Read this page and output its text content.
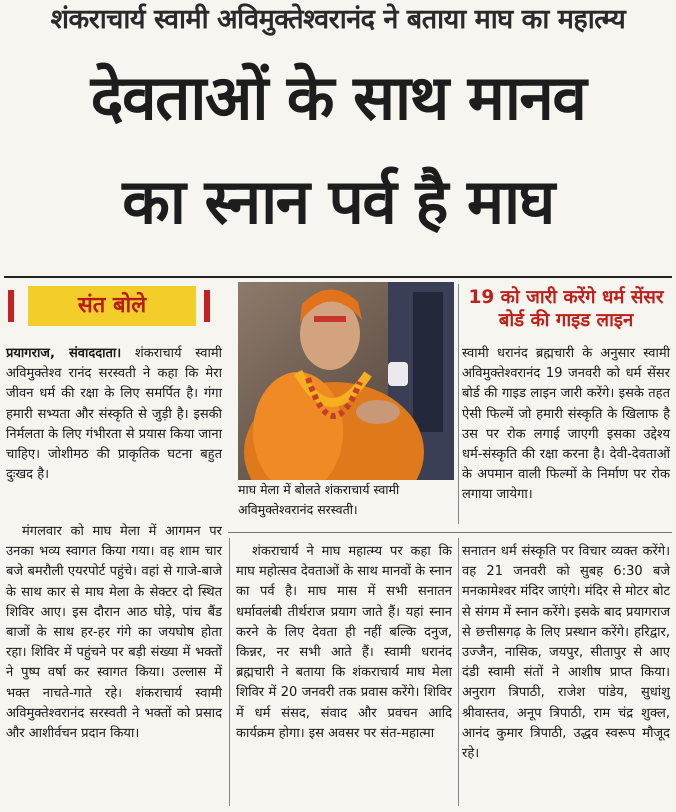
शंकराचार्य स्वामी अविमुक्तेश्वरानंद ने बताया माघ का महात्म्य
देवताओं के साथ मानव
का स्नान पर्व है माघ
संत बोले

प्रयागराज, संवाददाता। शंकराचार्य स्वामी अविमुक्तेश्व रानंद सरस्वती ने कहा कि मेरा जीवन धर्म की रक्षा के लिए समर्पित है। गंगा हमारी सभ्यता और संस्कृति से जुड़ी है। इसकी निर्मलता के लिए गंभीरता से प्रयास किया जाना चाहिए। जोशीमठ की प्राकृतिक घटना बहुत दुःखद है।

माघ मेला में बोलते शंकराचार्य स्वामी अविमुक्तेश्वरानंद सरस्वती।
19 को जारी करेंगे धर्म सेंसर बोर्ड की गाइड लाइन
स्वामी धरानंद ब्रह्मचारी के अनुसार स्वामी अविमुक्तेश्वरानंद 19 जनवरी को धर्म सेंसर बोर्ड की गाइड लाइन जारी करेंगे। इसके तहत ऐसी फिल्में जो हमारी संस्कृति के खिलाफ है उस पर रोक लगाई जाएगी इसका उद्देश्य धर्म-संस्कृति की रक्षा करना है। देवी-देवताओं के अपमान वाली फिल्मों के निर्माण पर रोक लगाया जायेगा।
मंगलवार को माघ मेला में आगमन पर उनका भव्य स्वागत किया गया। वह शाम चार बजे बमरौली एयरपोर्ट पहुंचे। वहां से गाजे-बाजे के साथ कार से माघ मेला के सेक्टर दो स्थित शिविर आए। इस दौरान आठ घोड़े, पांच बैंड बाजों के साथ हर-हर गंगे का जयघोष होता रहा। शिविर में पहुंचने पर बड़ी संख्या में भक्तों ने पुष्प वर्षा कर स्वागत किया। उल्लास में भक्त नाचते-गाते रहे। शंकराचार्य स्वामी अविमुक्तेश्वरानंद सरस्वती ने भक्तों को प्रसाद और आशीर्वचन प्रदान किया।
शंकराचार्य ने माघ महात्म्य पर कहा कि माघ महोत्सव देवताओं के साथ मानवों के स्नान का पर्व है। माघ मास में सभी सनातन धर्मावलंबी तीर्थराज प्रयाग जाते हैं। यहां स्नान करने के लिए देवता ही नहीं बल्कि दनुज, किन्नर, नर सभी आते हैं। स्वामी धरानंद ब्रह्मचारी ने बताया कि शंकराचार्य माघ मेला शिविर में 20 जनवरी तक प्रवास करेंगे। शिविर में धर्म संसद, संवाद और प्रवचन आदि कार्यक्रम होगा। इस अवसर पर संत-महात्मा
सनातन धर्म संस्कृति पर विचार व्यक्त करेंगे। वह 21 जनवरी को सुबह 6:30 बजे मनकामेश्वर मंदिर जाएंगे। मंदिर से मोटर बोट से संगम में स्नान करेंगे। इसके बाद प्रयागराज से छत्तीसगढ़ के लिए प्रस्थान करेंगे। हरिद्वार, उज्जैन, नासिक, जयपुर, सीतापुर से आए दंडी स्वामी संतों ने आशीष प्राप्त किया। अनुराग त्रिपाठी, राजेश पांडेय, सुधांशु श्रीवास्तव, अनूप त्रिपाठी, राम चंद्र शुक्ल, आनंद कुमार त्रिपाठी, उद्धव स्वरूप मौजूद रहे।
